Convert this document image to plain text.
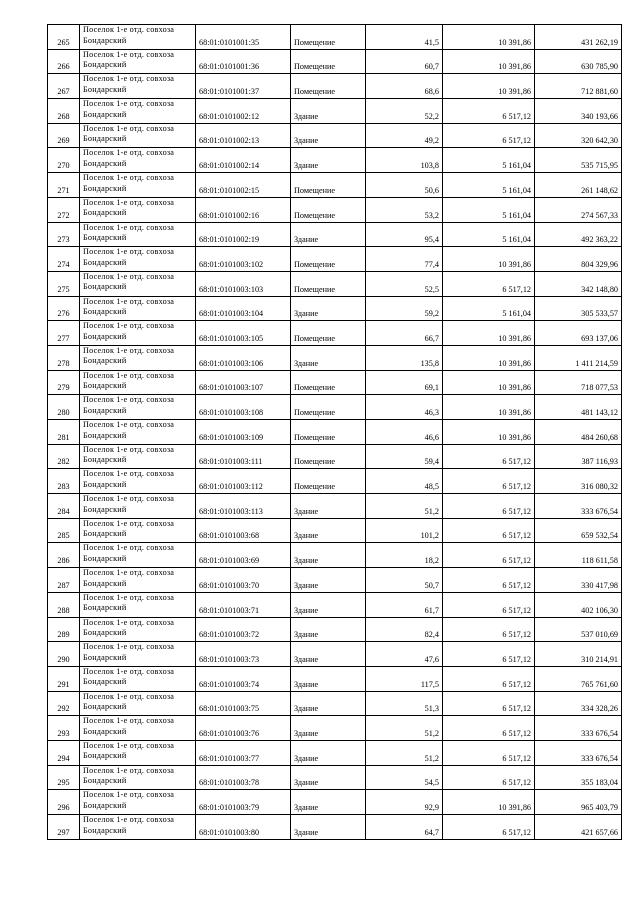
265	Поселок 1-е отд. совхоза
Бондарский	68:01:0101001:35	Помещение	41,5	10 391,86	431 262,19
266	Поселок 1-е отд. совхоза
Бондарский	68:01:0101001:36	Помещение	60,7	10 391,86	630 785,90
267	Поселок 1-е отд. совхоза
Бондарский	68:01:0101001:37	Помещение	68,6	10 391,86	712 881,60
268	Поселок 1-е отд. совхоза
Бондарский	68:01:0101002:12	Здание	52,2	6 517,12	340 193,66
269	Поселок 1-е отд. совхоза
Бондарский	68:01:0101002:13	Здание	49,2	6 517,12	320 642,30
270	Поселок 1-е отд. совхоза
Бондарский	68:01:0101002:14	Здание	103,8	5 161,04	535 715,95
271	Поселок 1-е отд. совхоза
Бондарский	68:01:0101002:15	Помещение	50,6	5 161,04	261 148,62
272	Поселок 1-е отд. совхоза
Бондарский	68:01:0101002:16	Помещение	53,2	5 161,04	274 567,33
273	Поселок 1-е отд. совхоза
Бондарский	68:01:0101002:19	Здание	95,4	5 161,04	492 363,22
274	Поселок 1-е отд. совхоза
Бондарский	68:01:0101003:102	Помещение	77,4	10 391,86	804 329,96
275	Поселок 1-е отд. совхоза
Бондарский	68:01:0101003:103	Помещение	52,5	6 517,12	342 148,80
276	Поселок 1-е отд. совхоза
Бондарский	68:01:0101003:104	Здание	59,2	5 161,04	305 533,57
277	Поселок 1-е отд. совхоза
Бондарский	68:01:0101003:105	Помещение	66,7	10 391,86	693 137,06
278	Поселок 1-е отд. совхоза
Бондарский	68:01:0101003:106	Здание	135,8	10 391,86	1 411 214,59
279	Поселок 1-е отд. совхоза
Бондарский	68:01:0101003:107	Помещение	69,1	10 391,86	718 077,53
280	Поселок 1-е отд. совхоза
Бондарский	68:01:0101003:108	Помещение	46,3	10 391,86	481 143,12
281	Поселок 1-е отд. совхоза
Бондарский	68:01:0101003:109	Помещение	46,6	10 391,86	484 260,68
282	Поселок 1-е отд. совхоза
Бондарский	68:01:0101003:111	Помещение	59,4	6 517,12	387 116,93
283	Поселок 1-е отд. совхоза
Бондарский	68:01:0101003:112	Помещение	48,5	6 517,12	316 080,32
284	Поселок 1-е отд. совхоза
Бондарский	68:01:0101003:113	Здание	51,2	6 517,12	333 676,54
285	Поселок 1-е отд. совхоза
Бондарский	68:01:0101003:68	Здание	101,2	6 517,12	659 532,54
286	Поселок 1-е отд. совхоза
Бондарский	68:01:0101003:69	Здание	18,2	6 517,12	118 611,58
287	Поселок 1-е отд. совхоза
Бондарский	68:01:0101003:70	Здание	50,7	6 517,12	330 417,98
288	Поселок 1-е отд. совхоза
Бондарский	68:01:0101003:71	Здание	61,7	6 517,12	402 106,30
289	Поселок 1-е отд. совхоза
Бондарский	68:01:0101003:72	Здание	82,4	6 517,12	537 010,69
290	Поселок 1-е отд. совхоза
Бондарский	68:01:0101003:73	Здание	47,6	6 517,12	310 214,91
291	Поселок 1-е отд. совхоза
Бондарский	68:01:0101003:74	Здание	117,5	6 517,12	765 761,60
292	Поселок 1-е отд. совхоза
Бондарский	68:01:0101003:75	Здание	51,3	6 517,12	334 328,26
293	Поселок 1-е отд. совхоза
Бондарский	68:01:0101003:76	Здание	51,2	6 517,12	333 676,54
294	Поселок 1-е отд. совхоза
Бондарский	68:01:0101003:77	Здание	51,2	6 517,12	333 676,54
295	Поселок 1-е отд. совхоза
Бондарский	68:01:0101003:78	Здание	54,5	6 517,12	355 183,04
296	Поселок 1-е отд. совхоза
Бондарский	68:01:0101003:79	Здание	92,9	10 391,86	965 403,79
297	Поселок 1-е отд. совхоза
Бондарский	68:01:0101003:80	Здание	64,7	6 517,12	421 657,66
